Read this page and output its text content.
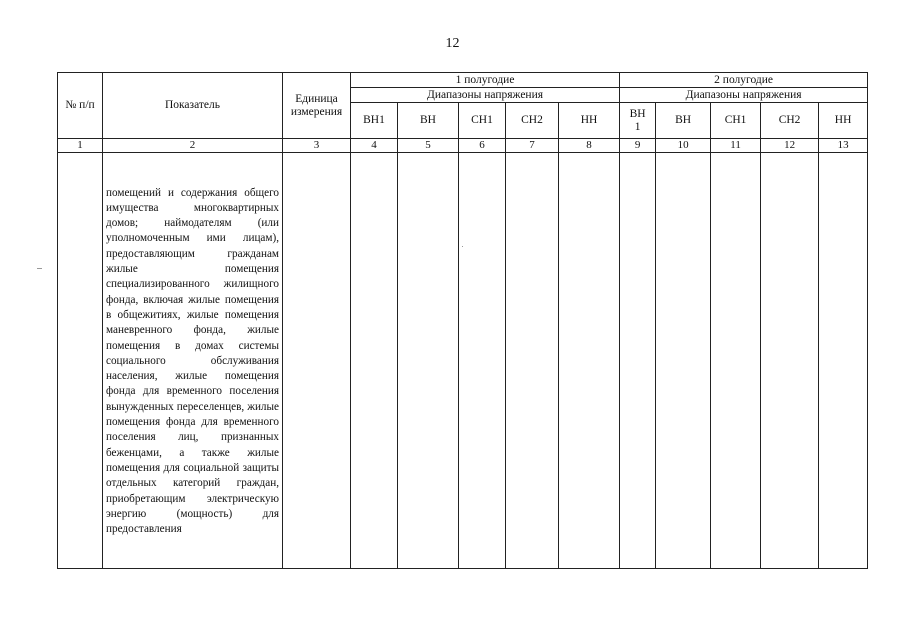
12
№ п/п	Показатель	Единица измерения	1 полугодие					2 полугодие				
			Диапазоны напряжения					Диапазоны напряжения				
			ВН1	ВН	СН1	СН2	НН	ВН 1	ВН	СН1	СН2	НН
1	2	3	4	5	6	7	8	9	10	11	12	13

	помещений и содержания общего имущества многоквартирных домов; наймодателям (или уполномоченным ими лицам), предоставляющим гражданам жилые помещения специализированного жилищного фонда, включая жилые помещения в общежитиях, жилые помещения маневренного фонда, жилые помещения в домах системы социального обслуживания населения, жилые помещения фонда для временного поселения вынужденных переселенцев, жилые помещения фонда для временного поселения лиц, признанных беженцами, а также жилые помещения для социальной защиты отдельных категорий граждан, приобретающим электрическую энергию (мощность) для предоставления											
